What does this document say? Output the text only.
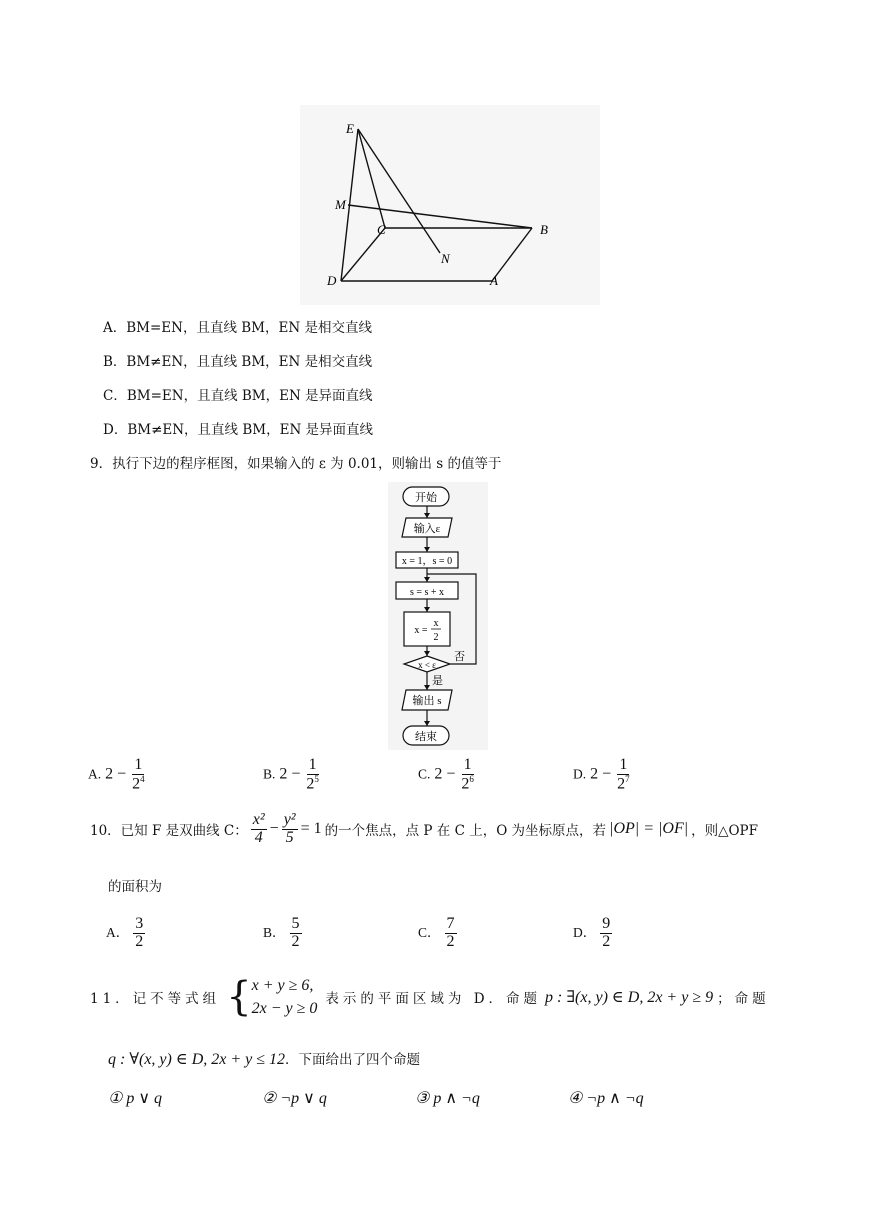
E
M
C	B
N
D	A
A．BM=EN，且直线 BM，EN 是相交直线
B．BM≠EN，且直线 BM，EN 是相交直线
C．BM=EN，且直线 BM，EN 是异面直线
D．BM≠EN，且直线 BM，EN 是异面直线
9．执行下边的程序框图，如果输入的 ε 为 0.01，则输出 s 的值等于
开始
输入ε
x = 1，s = 0
s = s + x
x =
x
2
x < ε
否
是
输出 s
结束
A. $2 - \frac{1}{2^4}$	B. $2 - \frac{1}{2^5}$	C. $2 - \frac{1}{2^6}$	D. $2 - \frac{1}{2^7}$
10．已知 F 是双曲线 C： $\frac{\text{x²}}{4} - \frac{\text{y²}}{5} = 1$ 的一个焦点，点 P 在 C 上，O 为坐标原点，若 |OP| = |OF| ，则△OPF
的面积为
A． $\frac{3}{2}$	B． $\frac{5}{2}$	C． $\frac{7}{2}$	D． $\frac{9}{2}$
11．记不等式组 { x + y ≥ 6,
2x − y ≥ 0
表示的平面区域为 D．命题 p : ∃(x, y) ∈ D, 2x + y ≥ 9 ；命题
q : ∀(x, y) ∈ D, 2x + y ≤ 12．下面给出了四个命题
① p ∨ q	② ¬p ∨ q	③ p ∧ ¬q	④ ¬p ∧ ¬q
